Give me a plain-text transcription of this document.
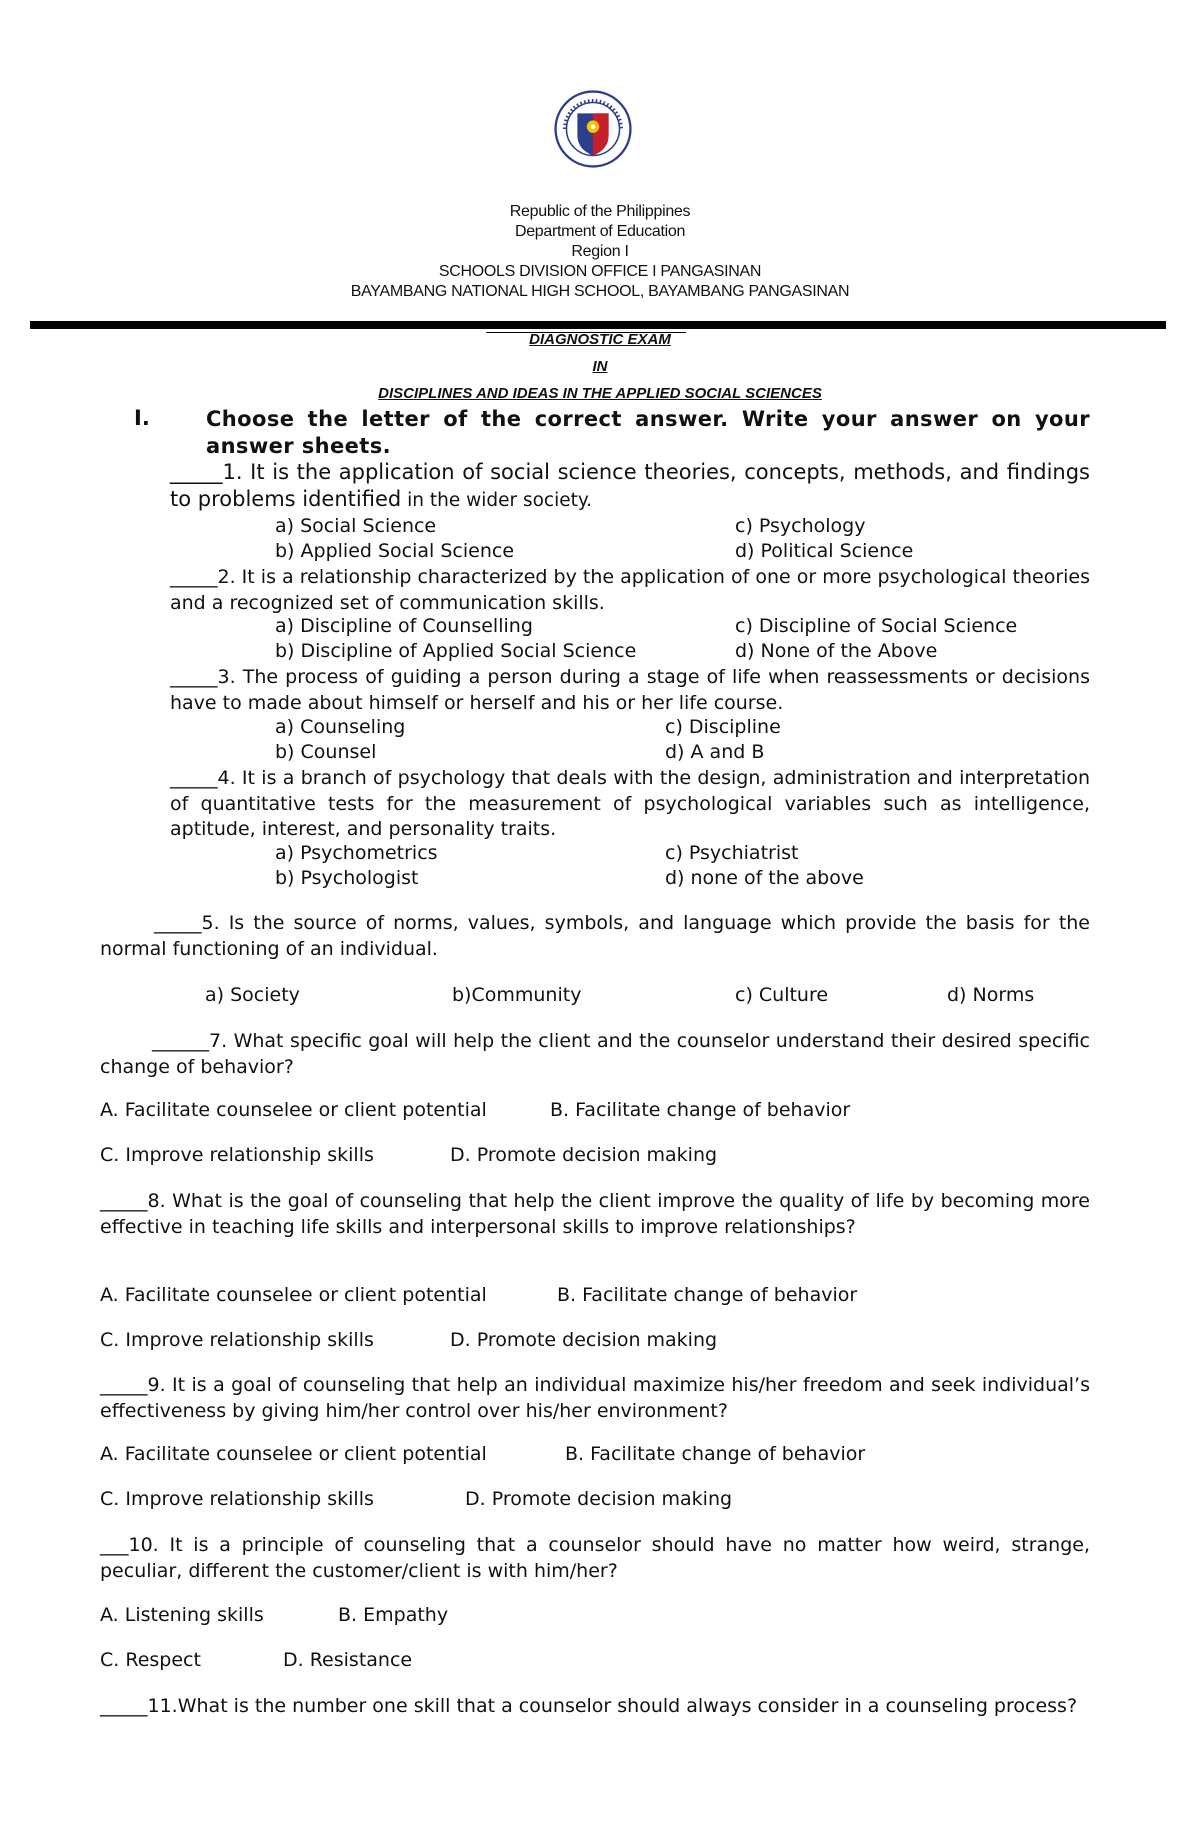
Republic of the Philippines
Department of Education
Region I
SCHOOLS DIVISION OFFICE I PANGASINAN
BAYAMBANG NATIONAL HIGH SCHOOL, BAYAMBANG PANGASINAN
DIAGNOSTIC EXAM
IN
DISCIPLINES AND IDEAS IN THE APPLIED SOCIAL SCIENCES
I.	Choose the letter of the correct answer. Write your answer on your answer sheets.
_____1. It is the application of social science theories, concepts, methods, and findings to problems identified in the wider society.
a) Social Science	c) Psychology
b) Applied Social Science	d) Political Science
_____2. It is a relationship characterized by the application of one or more psychological theories and a recognized set of communication skills.
a) Discipline of Counselling	c) Discipline of Social Science
b) Discipline of Applied Social Science	d) None of the Above
_____3. The process of guiding a person during a stage of life when reassessments or decisions have to made about himself or herself and his or her life course.
a) Counseling	c) Discipline
b) Counsel	d) A and B
_____4. It is a branch of psychology that deals with the design, administration and interpretation of quantitative tests for the measurement of psychological variables such as intelligence, aptitude, interest, and personality traits.
a) Psychometrics	c) Psychiatrist
b) Psychologist	d) none of the above
_____5. Is the source of norms, values, symbols, and language which provide the basis for the normal functioning of an individual.
a) Society	b)Community	c) Culture	d) Norms
______7. What specific goal will help the client and the counselor understand their desired specific change of behavior?
A. Facilitate counselee or client potential	B. Facilitate change of behavior
C. Improve relationship skills	D. Promote decision making
_____8. What is the goal of counseling that help the client improve the quality of life by becoming more effective in teaching life skills and interpersonal skills to improve relationships?
A. Facilitate counselee or client potential	B. Facilitate change of behavior
C. Improve relationship skills	D. Promote decision making
_____9. It is a goal of counseling that help an individual maximize his/her freedom and seek individual’s effectiveness by giving him/her control over his/her environment?
A. Facilitate counselee or client potential	B. Facilitate change of behavior
C. Improve relationship skills	D. Promote decision making
___10. It is a principle of counseling that a counselor should have no matter how weird, strange, peculiar, different the customer/client is with him/her?
A. Listening skills	B. Empathy
C. Respect	D. Resistance
_____11.What is the number one skill that a counselor should always consider in a counseling process?
